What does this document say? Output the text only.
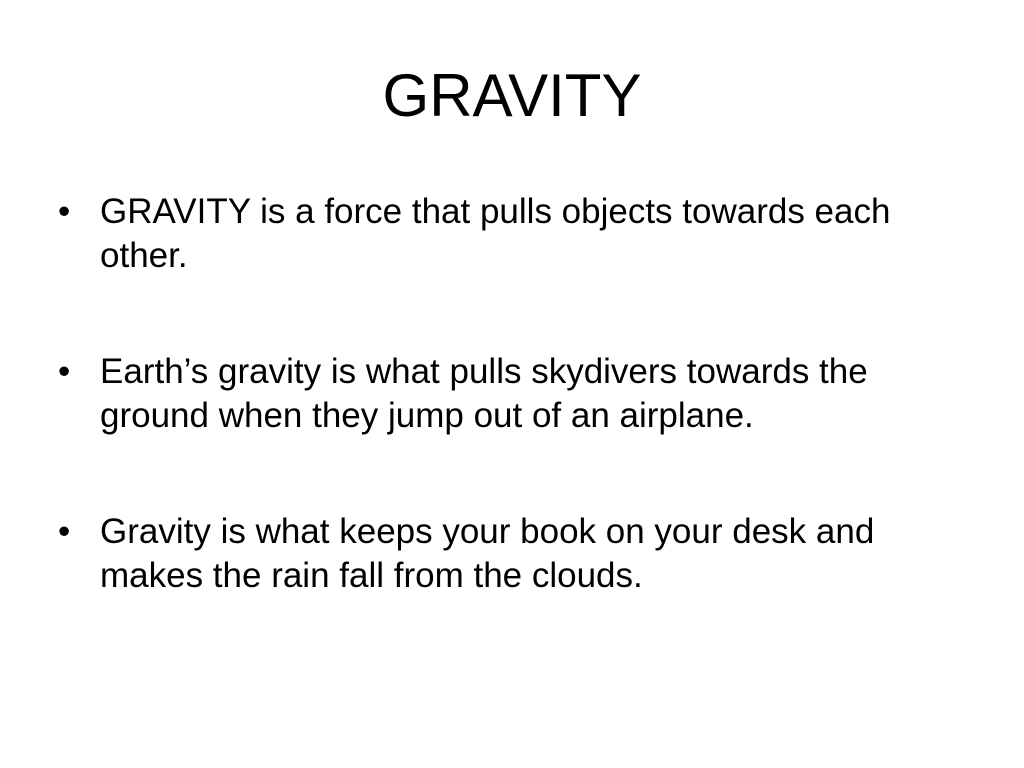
GRAVITY
• GRAVITY is a force that pulls objects towards each other.
• Earth’s gravity is what pulls skydivers towards the ground when they jump out of an airplane.
• Gravity is what keeps your book on your desk and makes the rain fall from the clouds.
